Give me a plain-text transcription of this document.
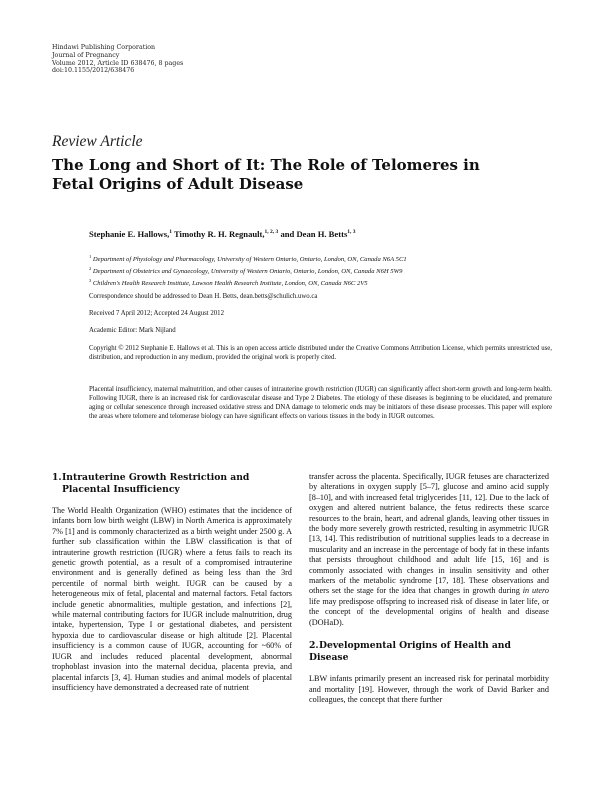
Hindawi Publishing Corporation
Journal of Pregnancy
Volume 2012, Article ID 638476, 8 pages
doi:10.1155/2012/638476
Review Article
The Long and Short of It: The Role of Telomeres in Fetal Origins of Adult Disease
Stephanie E. Hallows,$^1$ Timothy R. H. Regnault,$^{1, 2, 3}$ and Dean H. Betts$^{1, 3}$
$^1$ Department of Physiology and Pharmacology, University of Western Ontario, Ontario, London, ON, Canada N6A 5C1
$^2$ Department of Obstetrics and Gynaecology, University of Western Ontario, Ontario, London, ON, Canada N6H 5W9
$^3$ Children's Health Research Institute, Lawson Health Research Institute, London, ON, Canada N6C 2V5
Correspondence should be addressed to Dean H. Betts, dean.betts@schulich.uwo.ca
Received 7 April 2012; Accepted 24 August 2012
Academic Editor: Mark Nijland
Copyright © 2012 Stephanie E. Hallows et al. This is an open access article distributed under the Creative Commons Attribution License, which permits unrestricted use, distribution, and reproduction in any medium, provided the original work is properly cited.
Placental insufficiency, maternal malnutrition, and other causes of intrauterine growth restriction (IUGR) can significantly affect short-term growth and long-term health. Following IUGR, there is an increased risk for cardiovascular disease and Type 2 Diabetes. The etiology of these diseases is beginning to be elucidated, and premature aging or cellular senescence through increased oxidative stress and DNA damage to telomeric ends may be initiators of these disease processes. This paper will explore the areas where telomere and telomerase biology can have significant effects on various tissues in the body in IUGR outcomes.
1.Intrauterine Growth Restriction and
Placental Insufficiency

The World Health Organization (WHO) estimates that the incidence of infants born low birth weight (LBW) in North America is approximately 7% [1] and is commonly characterized as a birth weight under 2500 g. A further sub classification within the LBW classification is that of intrauterine growth restriction (IUGR) where a fetus fails to reach its genetic growth potential, as a result of a compromised intrauterine environment and is generally defined as being less than the 3rd percentile of normal birth weight. IUGR can be caused by a heterogeneous mix of fetal, placental and maternal factors. Fetal factors include genetic abnormalities, multiple gestation, and infections [2], while maternal contributing factors for IUGR include malnutrition, drug intake, hypertension, Type I or gestational diabetes, and persistent hypoxia due to cardiovascular disease or high altitude [2]. Placental insufficiency is a common cause of IUGR, accounting for ~60% of IUGR and includes reduced placental development, abnormal trophoblast invasion into the maternal decidua, placenta previa, and placental infarcts [3, 4]. Human studies and animal models of placental insufficiency have demonstrated a decreased rate of nutrient

transfer across the placenta. Specifically, IUGR fetuses are characterized by alterations in oxygen supply [5–7], glucose and amino acid supply [8–10], and with increased fetal triglycerides [11, 12]. Due to the lack of oxygen and altered nutrient balance, the fetus redirects these scarce resources to the brain, heart, and adrenal glands, leaving other tissues in the body more severely growth restricted, resulting in asymmetric IUGR [13, 14]. This redistribution of nutritional supplies leads to a decrease in muscularity and an increase in the percentage of body fat in these infants that persists throughout childhood and adult life [15, 16] and is commonly associated with changes in insulin sensitivity and other markers of the metabolic syndrome [17, 18]. These observations and others set the stage for the idea that changes in growth during in utero life may predispose offspring to increased risk of disease in later life, or the concept of the developmental origins of health and disease (DOHaD).

2.Developmental Origins of Health and Disease

LBW infants primarily present an increased risk for perinatal morbidity and mortality [19]. However, through the work of David Barker and colleagues, the concept that there further
